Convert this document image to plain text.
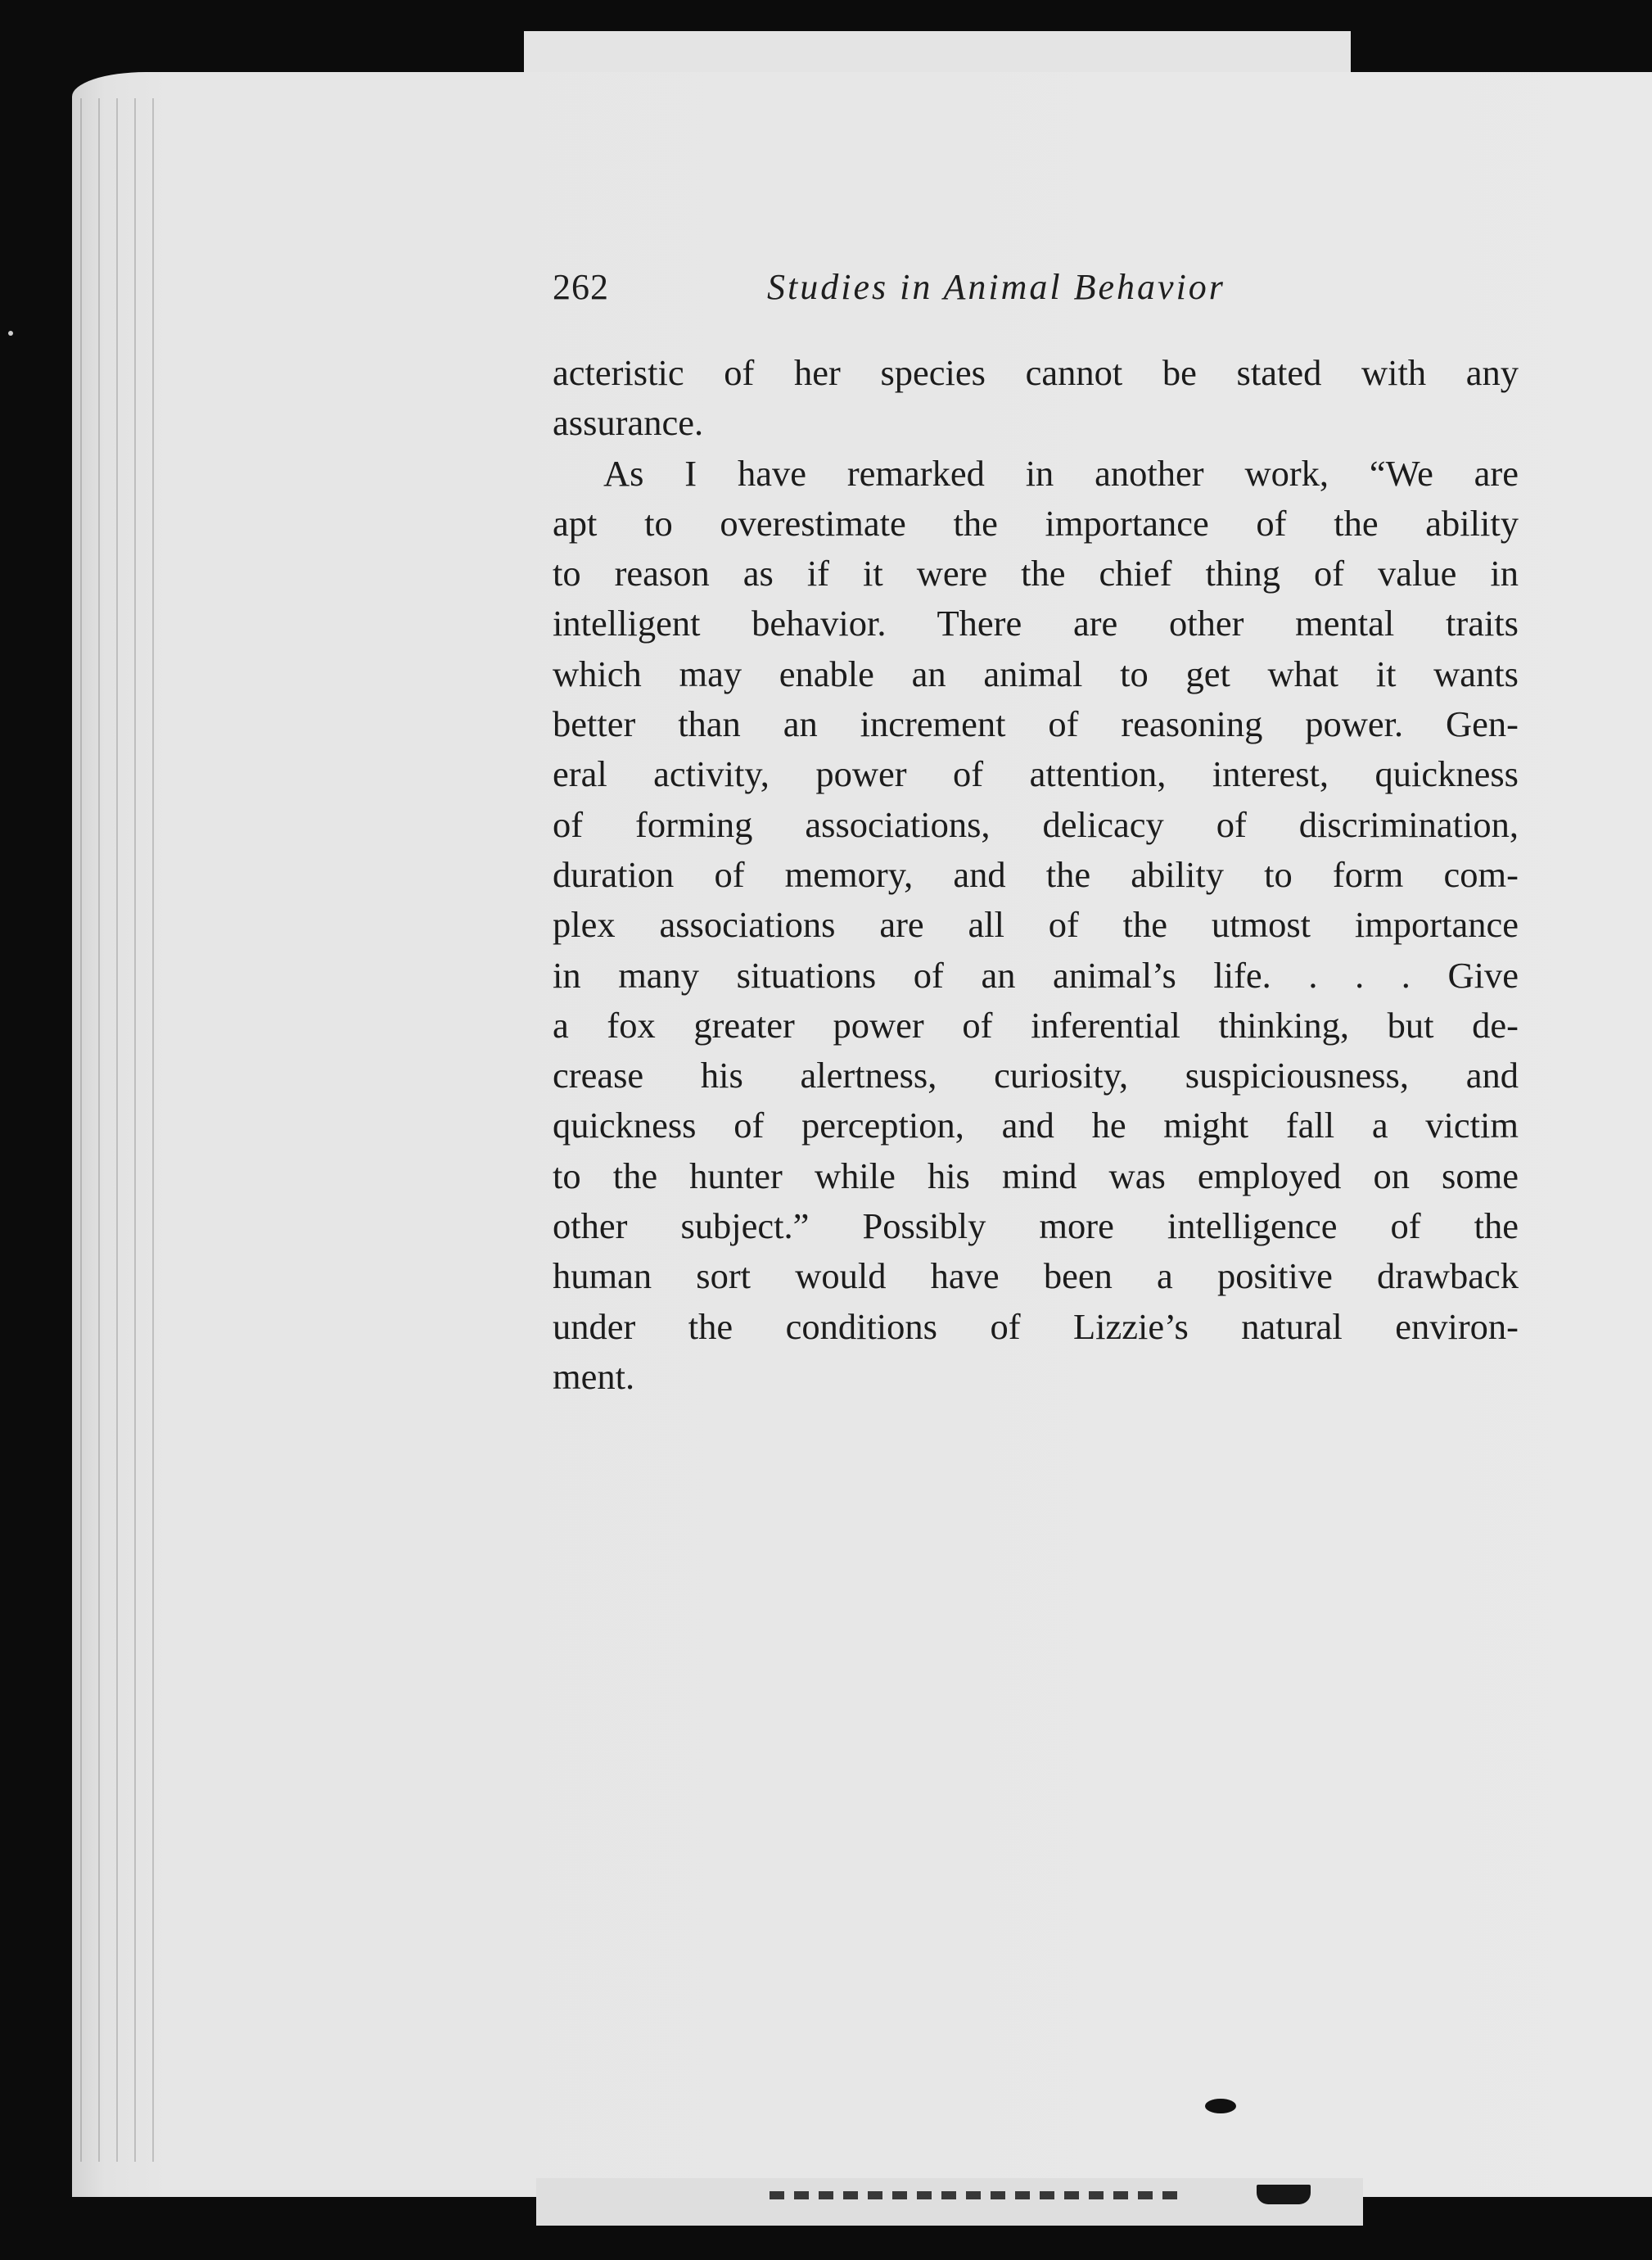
262	Studies in Animal Behavior
acteristic of her species cannot be stated with any
assurance.
As I have remarked in another work, “We are
apt to overestimate the importance of the ability
to reason as if it were the chief thing of value in
intelligent behavior. There are other mental traits
which may enable an animal to get what it wants
better than an increment of reasoning power. Gen-
eral activity, power of attention, interest, quickness
of forming associations, delicacy of discrimination,
duration of memory, and the ability to form com-
plex associations are all of the utmost importance
in many situations of an animal’s life. . . . Give
a fox greater power of inferential thinking, but de-
crease his alertness, curiosity, suspiciousness, and
quickness of perception, and he might fall a victim
to the hunter while his mind was employed on some
other subject.” Possibly more intelligence of the
human sort would have been a positive drawback
under the conditions of Lizzie’s natural environ-
ment.
